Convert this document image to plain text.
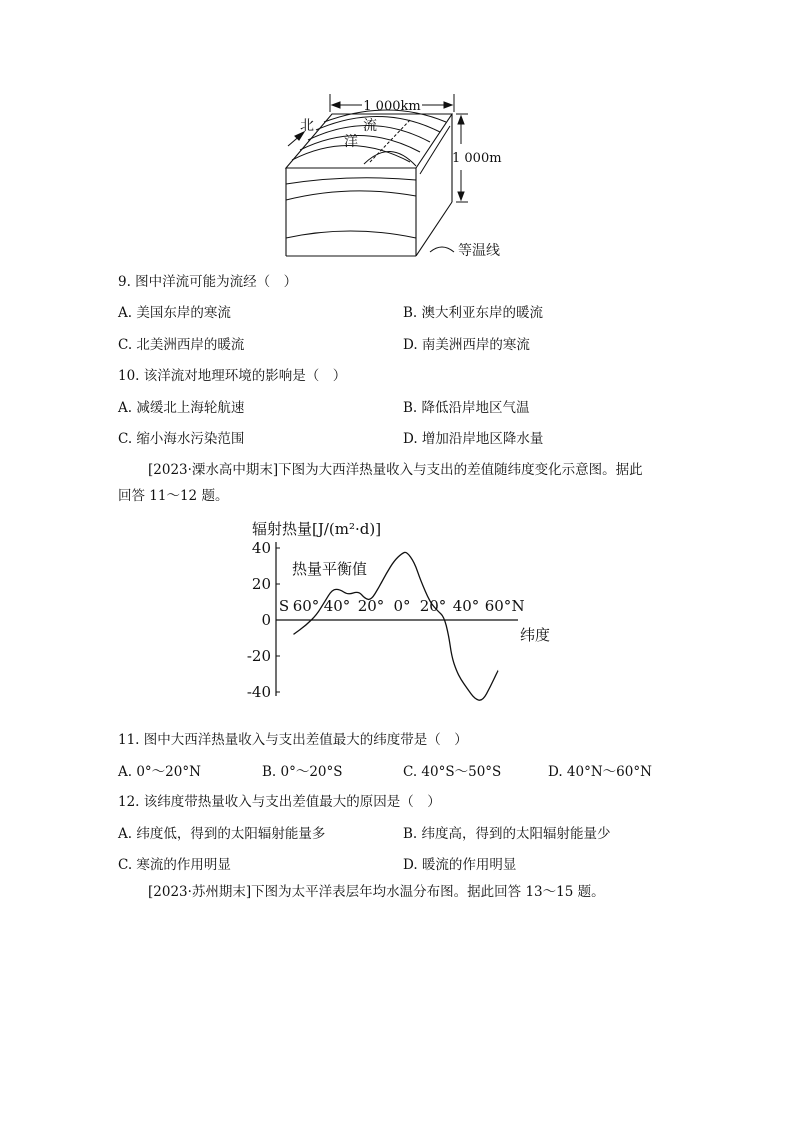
1 000km
1 000m
北	流
洋
等温线
9. 图中洋流可能为流经（　）
A. 美国东岸的寒流	B. 澳大利亚东岸的暖流
C. 北美洲西岸的暖流	D. 南美洲西岸的寒流
10. 该洋流对地理环境的影响是（　）
A. 减缓北上海轮航速	B. 降低沿岸地区气温
C. 缩小海水污染范围	D. 增加沿岸地区降水量
[2023·溧水高中期末]下图为大西洋热量收入与支出的差值随纬度变化示意图。据此
回答 11～12 题。
辐射热量[J/(m²·d)]
热量平衡值
纬度
40
20
0
-20
-40
S 60° 40° 20° 0° 20° 40° 60° N
11. 图中大西洋热量收入与支出差值最大的纬度带是（　）
A. 0°～20°N	B. 0°～20°S	C. 40°S～50°S	D. 40°N～60°N
12. 该纬度带热量收入与支出差值最大的原因是（　）
A. 纬度低，得到的太阳辐射能量多	B. 纬度高，得到的太阳辐射能量少
C. 寒流的作用明显	D. 暖流的作用明显
[2023·苏州期末]下图为太平洋表层年均水温分布图。据此回答 13～15 题。
